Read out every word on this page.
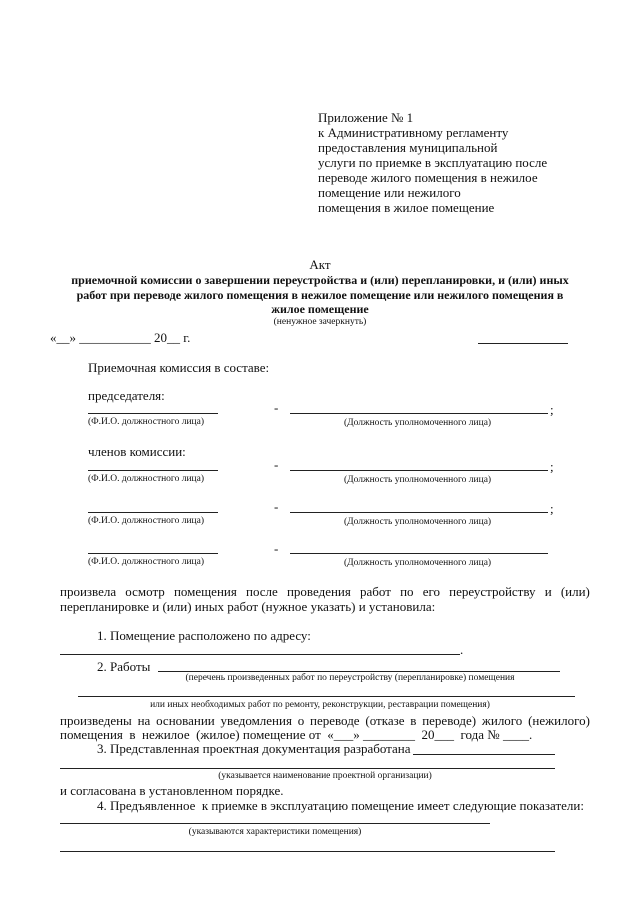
Приложение № 1
к Административному регламенту
предоставления муниципальной
услуги по приемке в эксплуатацию после
переводе жилого помещения в нежилое
помещение или нежилого
помещения в жилое помещение
Акт
приемочной комиссии о завершении переустройства и (или) перепланировки, и (или) иных
работ при переводе жилого помещения в нежилое помещение или нежилого помещения в
жилое помещение
(ненужное зачеркнуть)
«__» ___________ 20__ г.
Приемочная комиссия в составе:
председателя:
-	;
(Ф.И.О. должностного лица)	(Должность уполномоченного лица)
членов комиссии:
-	;
(Ф.И.О. должностного лица)	(Должность уполномоченного лица)
-	;
(Ф.И.О. должностного лица)	(Должность уполномоченного лица)
-
(Ф.И.О. должностного лица)	(Должность уполномоченного лица)
произвела осмотр помещения после проведения работ по его переустройству и (или)
перепланировке и (или) иных работ (нужное указать) и установила:
1. Помещение расположено по адресу:
.
2. Работы
(перечень произведенных работ по переустройству (перепланировке) помещения
или иных необходимых работ по ремонту, реконструкции, реставрации помещения)
произведены на основании уведомления о переводе (отказе в переводе) жилого (нежилого)
помещения  в  нежилое  (жилое) помещение от  «___» ________  20___  года № ____.
3. Представленная проектная документация разработана
(указывается наименование проектной организации)
и согласована в установленном порядке.
4. Предъявленное  к приемке в эксплуатацию помещение имеет следующие показатели:
(указываются характеристики помещения)
